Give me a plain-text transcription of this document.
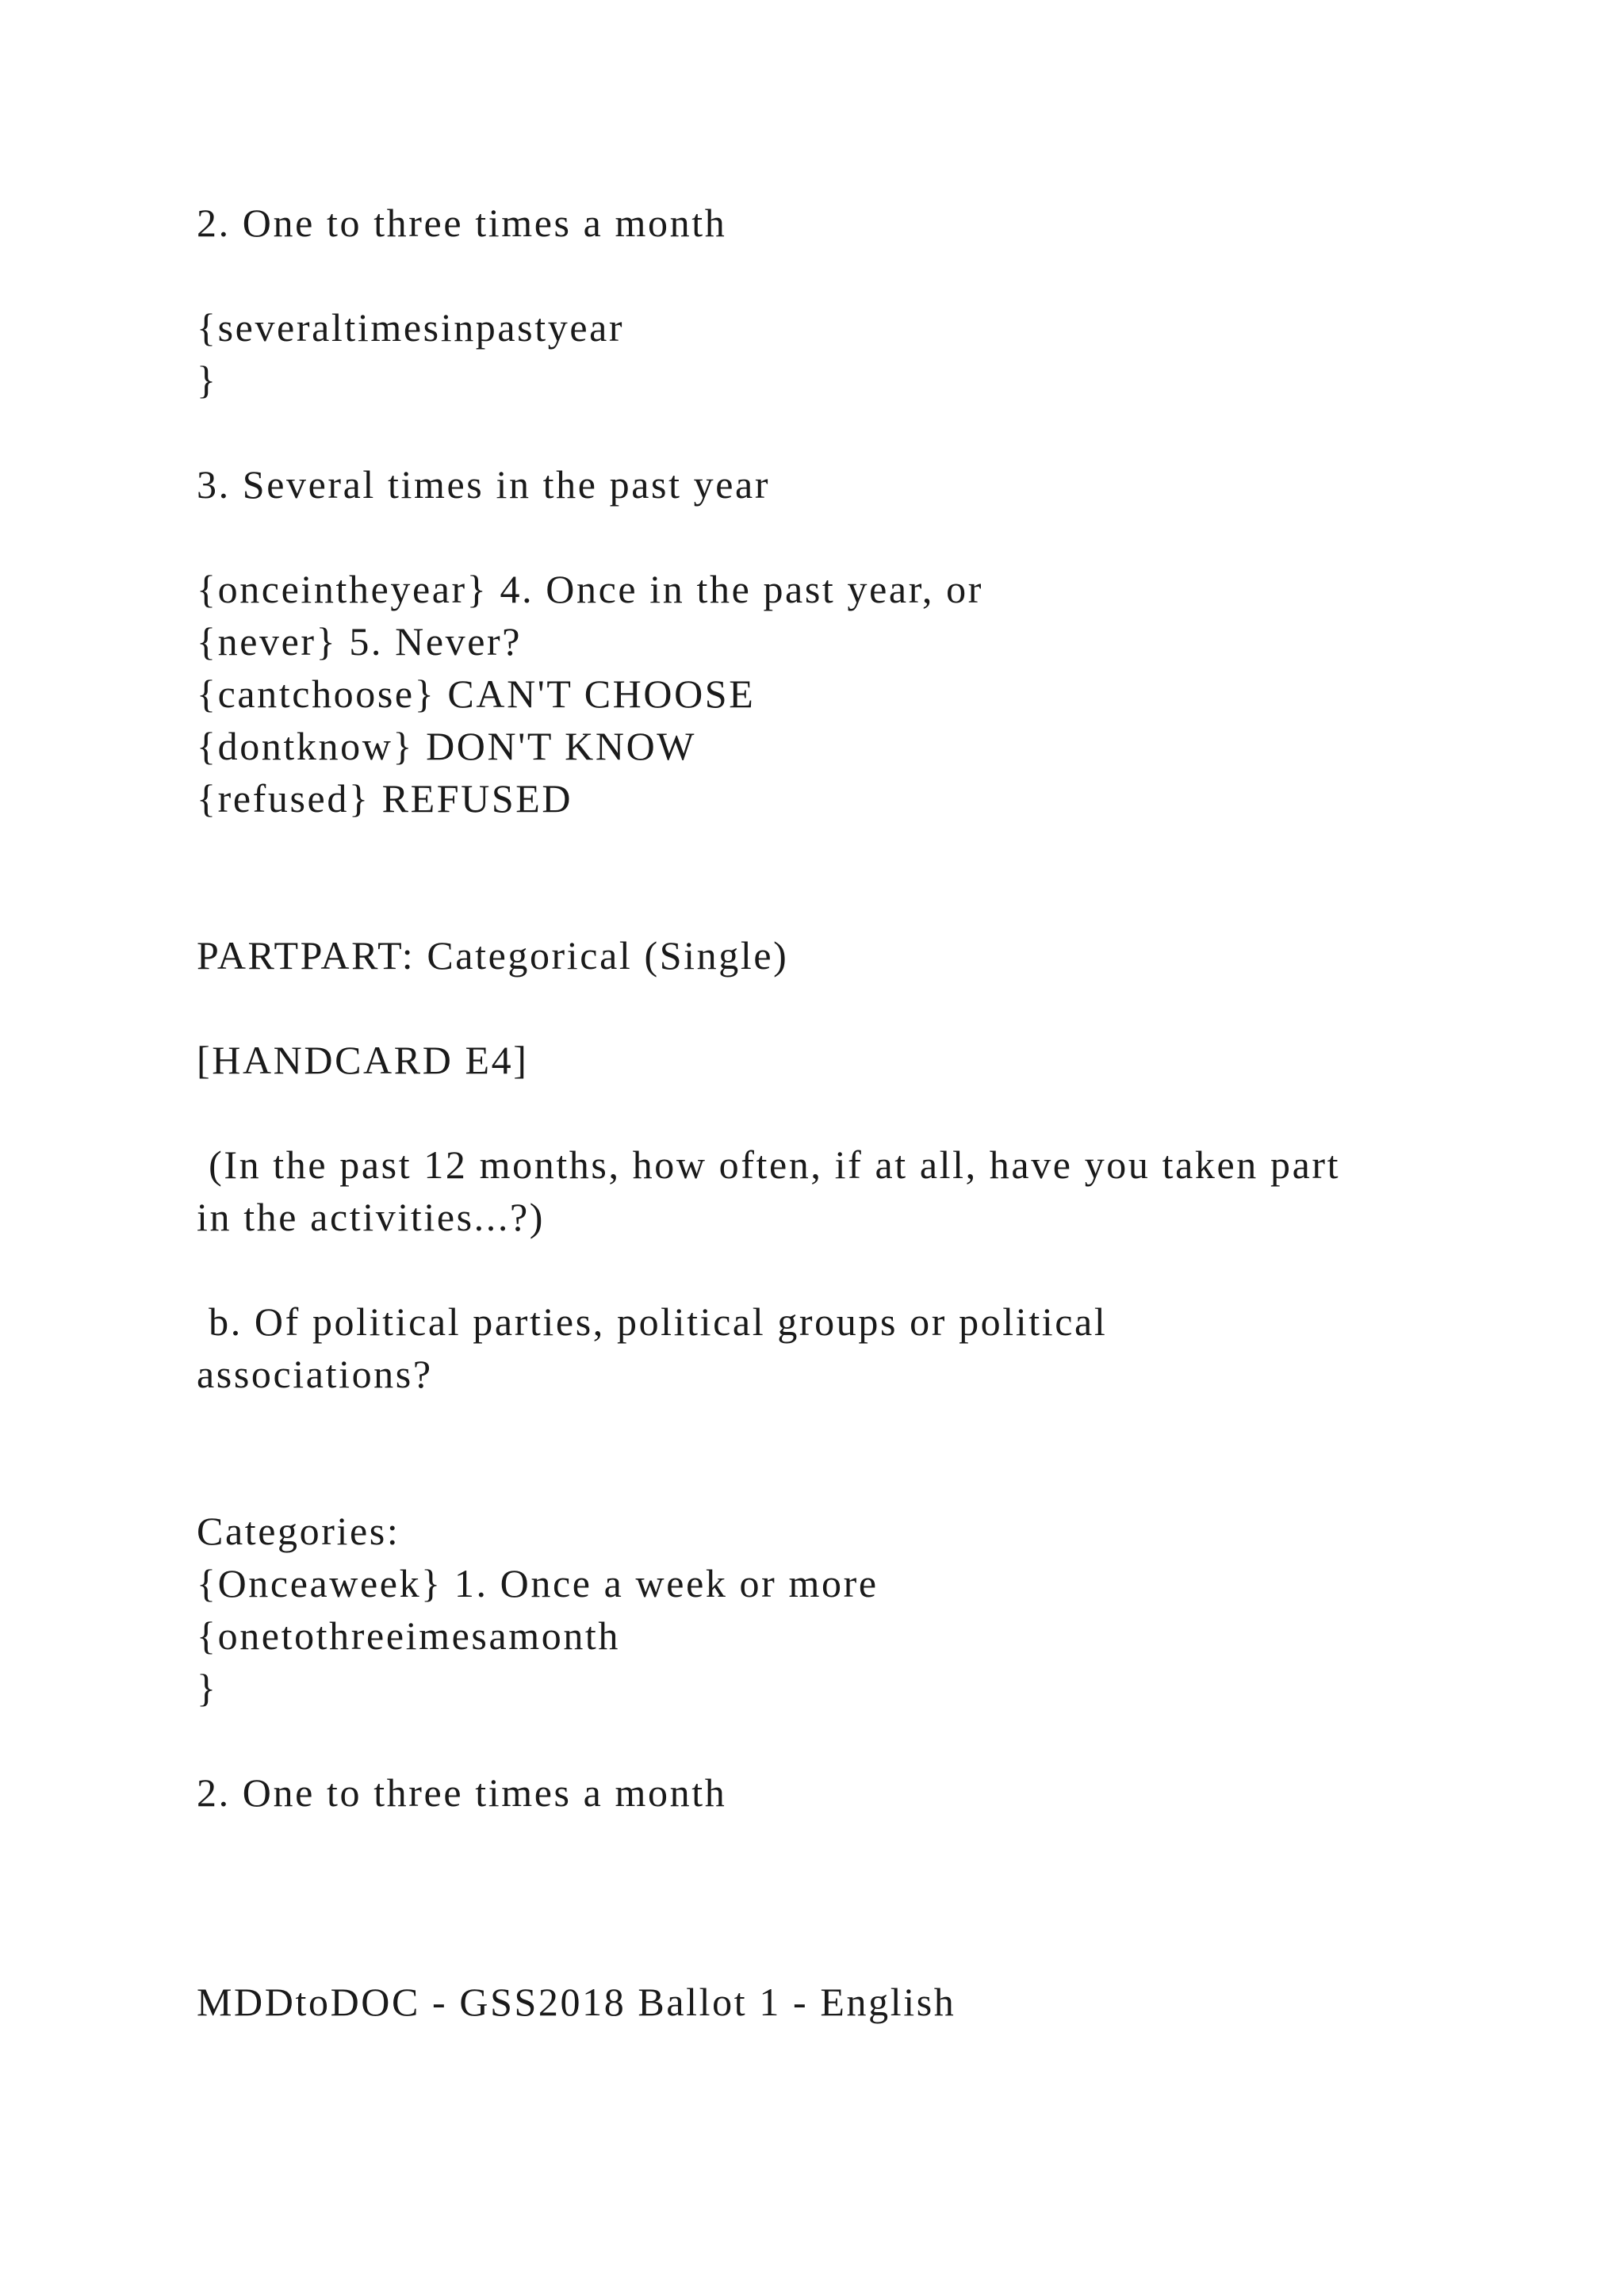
2. One to three times a month

{severaltimesinpastyear

}

3. Several times in the past year

{onceintheyear} 4. Once in the past year, or

{never} 5. Never?

{cantchoose} CAN'T CHOOSE

{dontknow} DON'T KNOW

{refused} REFUSED

PARTPART: Categorical (Single)

[HANDCARD E4]

(In the past 12 months, how often, if at all, have you taken part

in the activities...?)

b. Of political parties, political groups or political

associations?

Categories:

{Onceaweek} 1. Once a week or more

{onetothreeimesamonth

}

2. One to three times a month

MDDtoDOC - GSS2018 Ballot 1 - English
